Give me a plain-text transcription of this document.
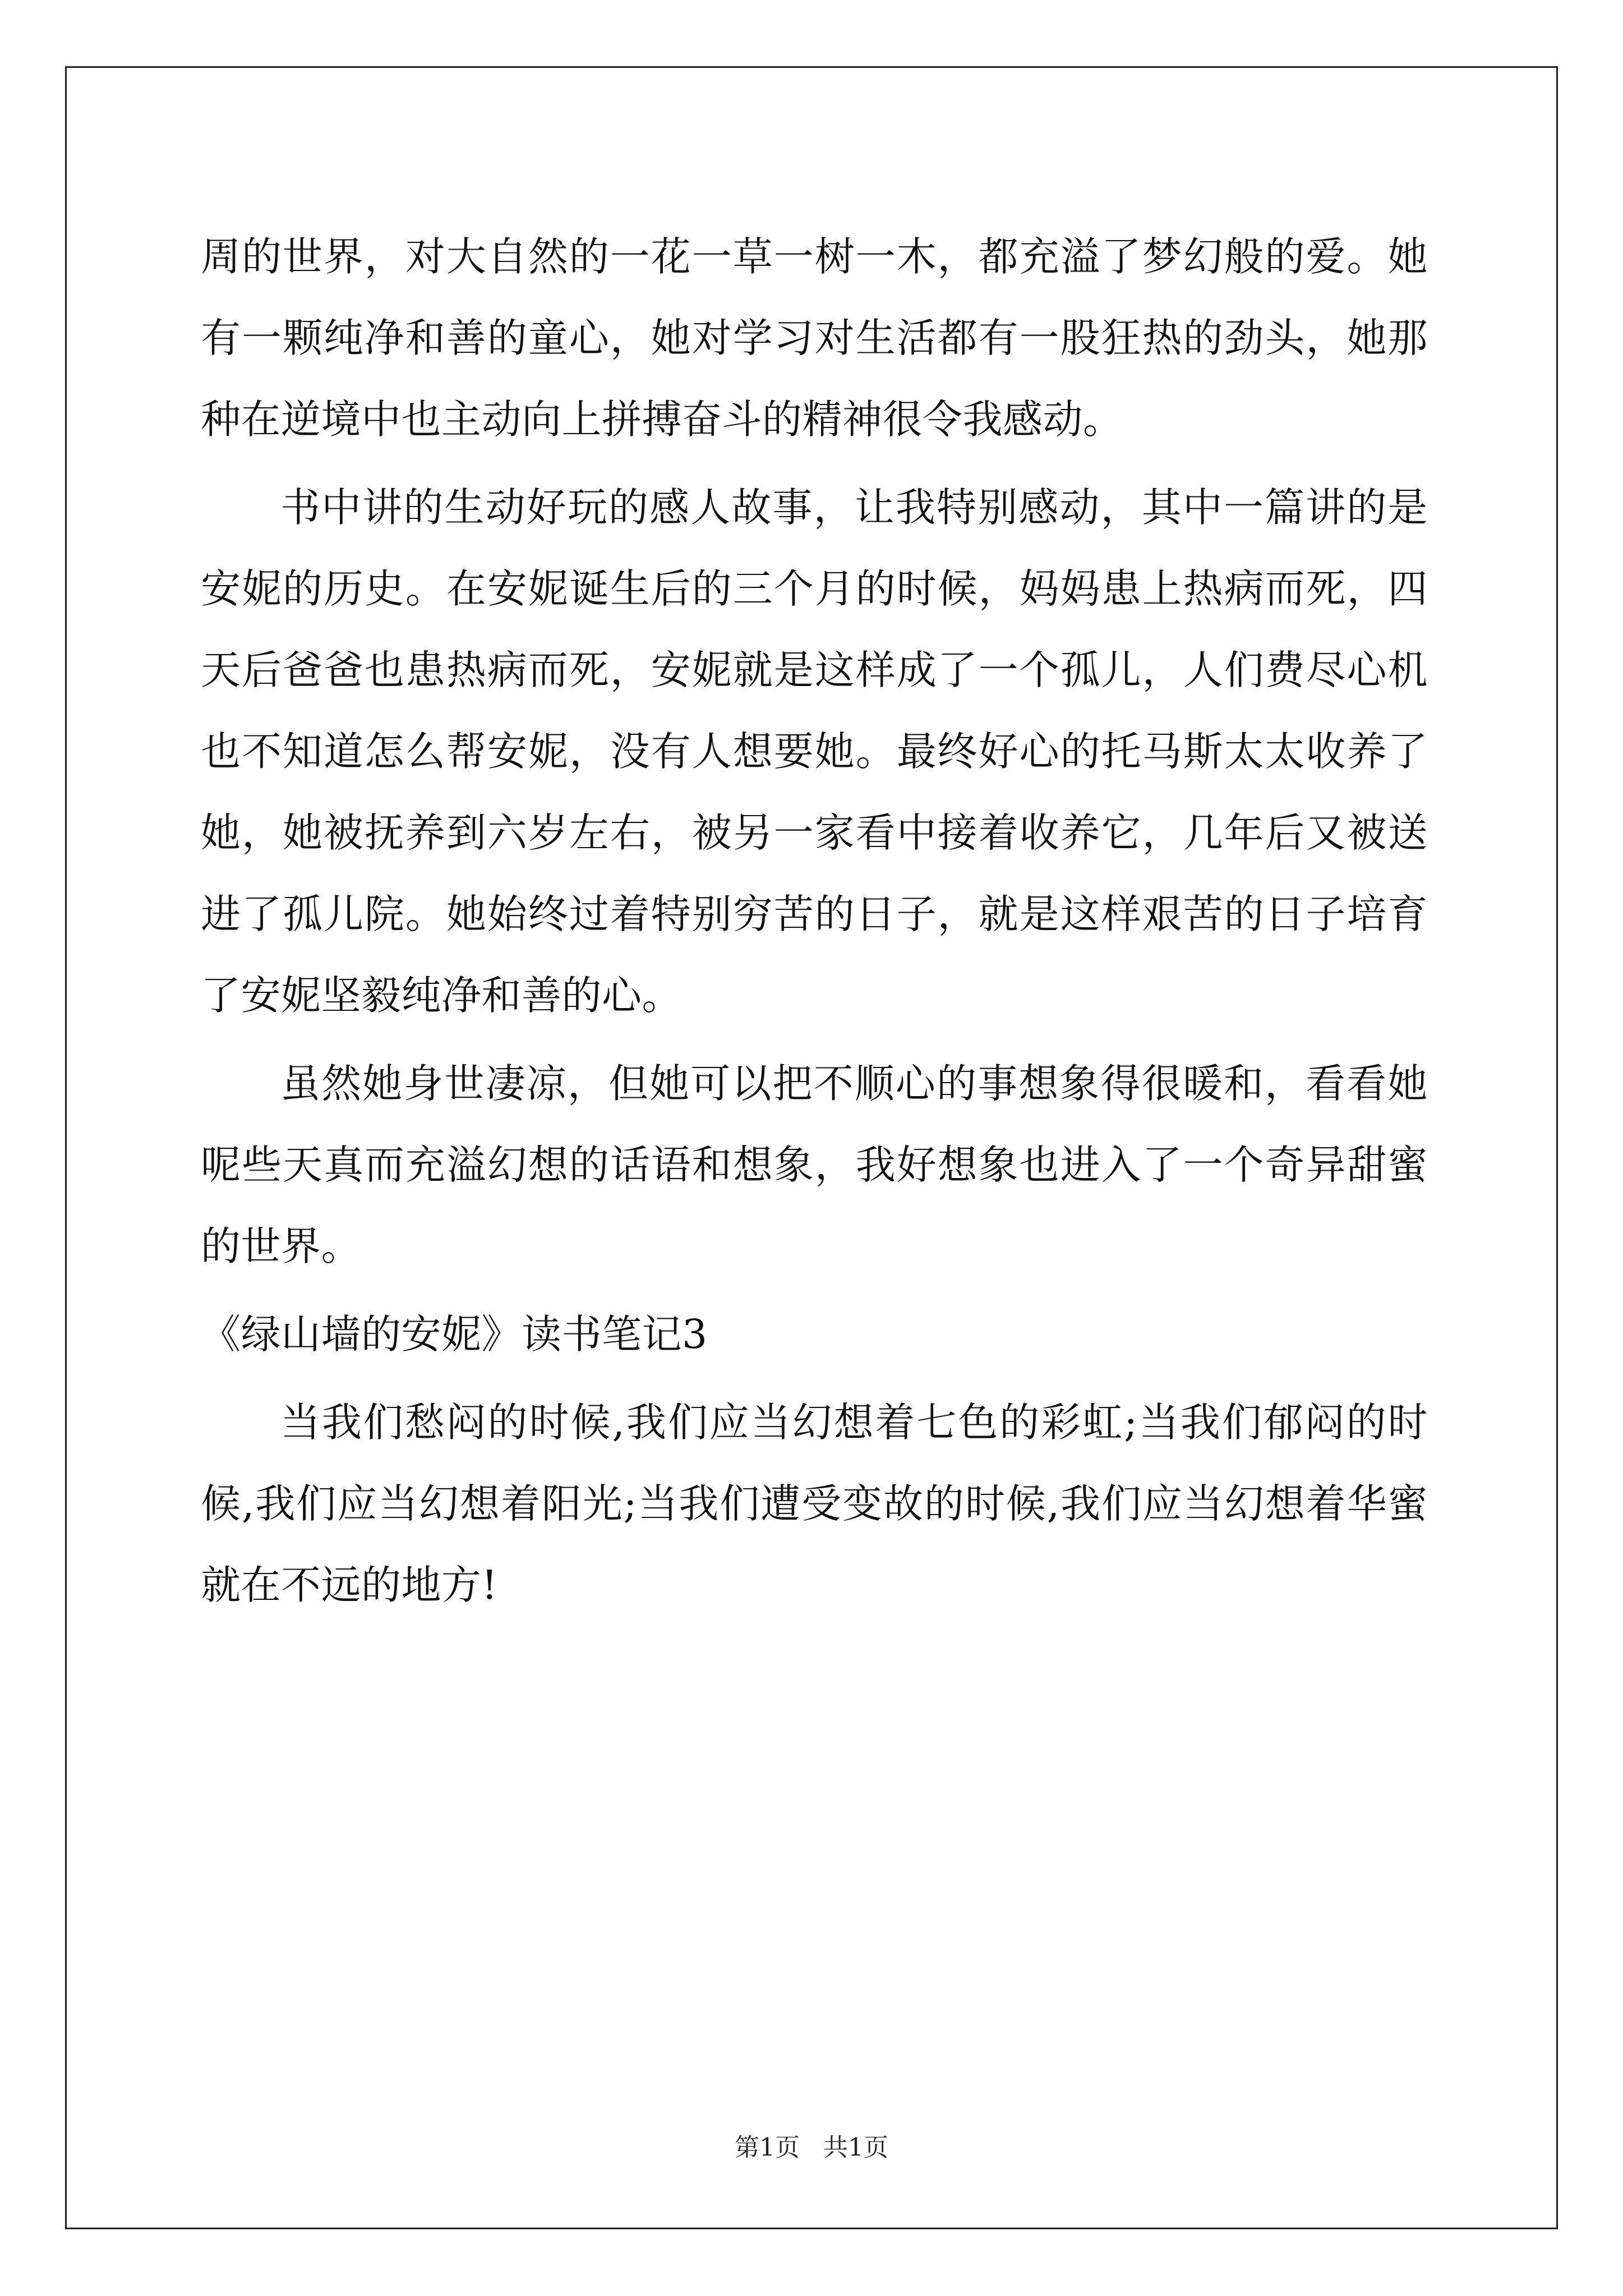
周的世界，对大自然的一花一草一树一木，都充溢了梦幻般的爱。她有一颗纯净和善的童心，她对学习对生活都有一股狂热的劲头，她那种在逆境中也主动向上拼搏奋斗的精神很令我感动。

书中讲的生动好玩的感人故事，让我特别感动，其中一篇讲的是安妮的历史。在安妮诞生后的三个月的时候，妈妈患上热病而死，四天后爸爸也患热病而死，安妮就是这样成了一个孤儿，人们费尽心机也不知道怎么帮安妮，没有人想要她。最终好心的托马斯太太收养了她，她被抚养到六岁左右，被另一家看中接着收养它，几年后又被送进了孤儿院。她始终过着特别穷苦的日子，就是这样艰苦的日子培育了安妮坚毅纯净和善的心。

虽然她身世凄凉，但她可以把不顺心的事想象得很暖和，看看她呢些天真而充溢幻想的话语和想象，我好想象也进入了一个奇异甜蜜的世界。

《绿山墙的安妮》读书笔记3

当我们愁闷的时候,我们应当幻想着七色的彩虹;当我们郁闷的时候,我们应当幻想着阳光;当我们遭受变故的时候,我们应当幻想着华蜜就在不远的地方!

第1页 共1页
